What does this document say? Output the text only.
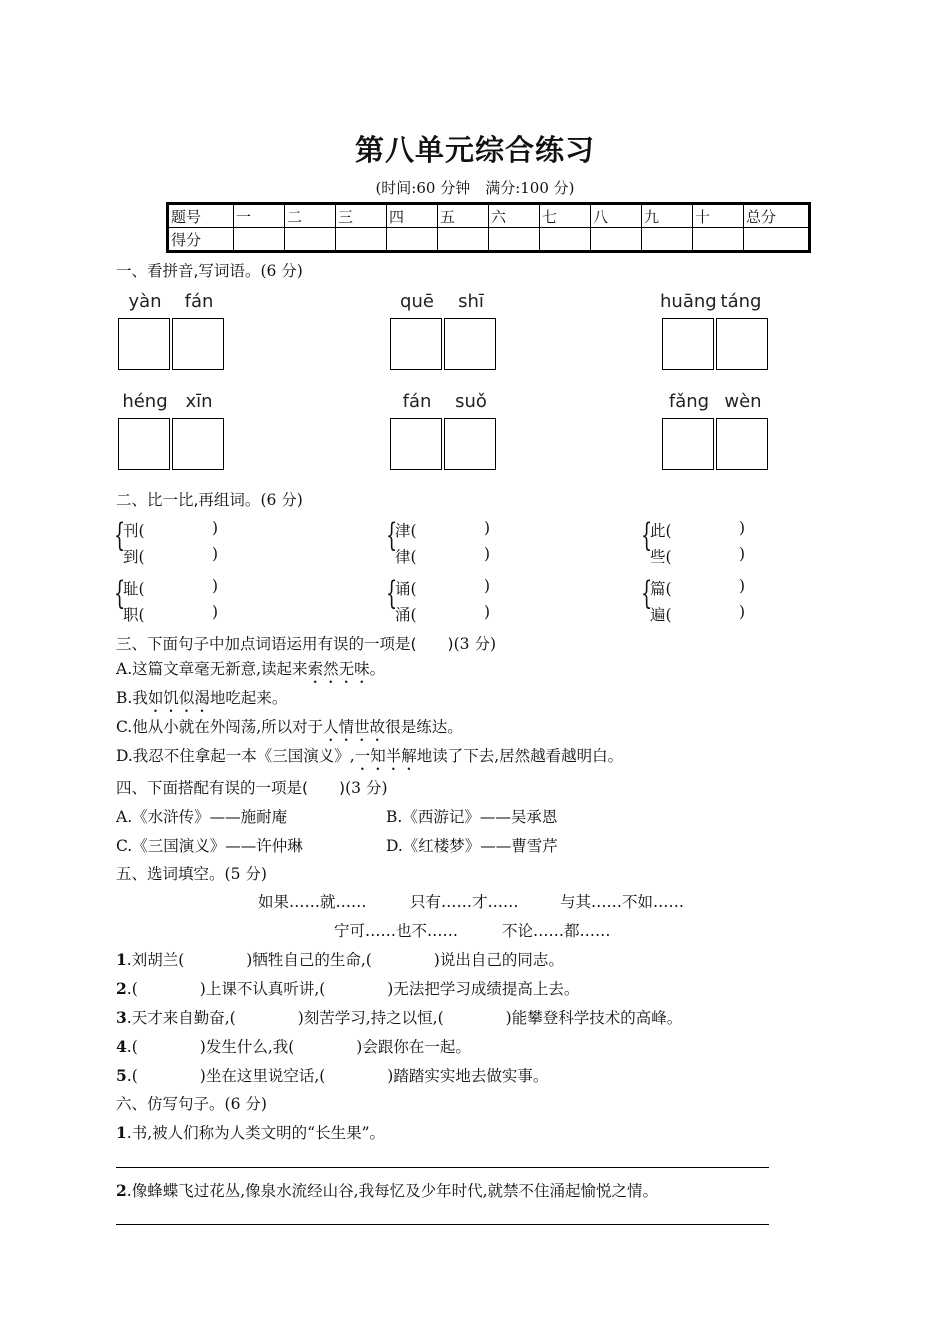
第八单元综合练习
(时间:60 分钟　满分:100 分)
题号	一	二	三	四	五	六	七	八	九	十	总分
得分											
一、看拼音,写词语。(6 分)
yàn	fán	quē	shī	huāng táng
héng xīn	fán	suǒ	fǎng wèn
二、比一比,再组词。(6 分)
{
刊(	)
到(	)	{
津(	)
律(	)	{
此(	)
些(	)
{
耻(	)
职(	)	{
诵(	)
涌(	)	{
篇(	)
遍(	)
三、下面句子中加点词语运用有误的一项是(　　)(3 分)
A.这篇文章毫无新意,读起来索然无味。
B.我如饥似渴地吃起来。
C.他从小就在外闯荡,所以对于人情世故很是练达。
D.我忍不住拿起一本《三国演义》,一知半解地读了下去,居然越看越明白。
四、下面搭配有误的一项是(　　)(3 分)
A.《水浒传》——施耐庵	B.《西游记》——吴承恩
C.《三国演义》——许仲琳	D.《红楼梦》——曹雪芹
五、选词填空。(5 分)
如果……就……	只有……才……	与其……不如……
宁可……也不……	不论……都……
1.刘胡兰(　　　　)牺牲自己的生命,(　　　　)说出自己的同志。
2.(　　　　)上课不认真听讲,(　　　　)无法把学习成绩提高上去。
3.天才来自勤奋,(　　　　)刻苦学习,持之以恒,(　　　　)能攀登科学技术的高峰。
4.(　　　　)发生什么,我(　　　　)会跟你在一起。
5.(　　　　)坐在这里说空话,(　　　　)踏踏实实地去做实事。
六、仿写句子。(6 分)
1.书,被人们称为人类文明的“长生果”。
2.像蜂蝶飞过花丛,像泉水流经山谷,我每忆及少年时代,就禁不住涌起愉悦之情。
